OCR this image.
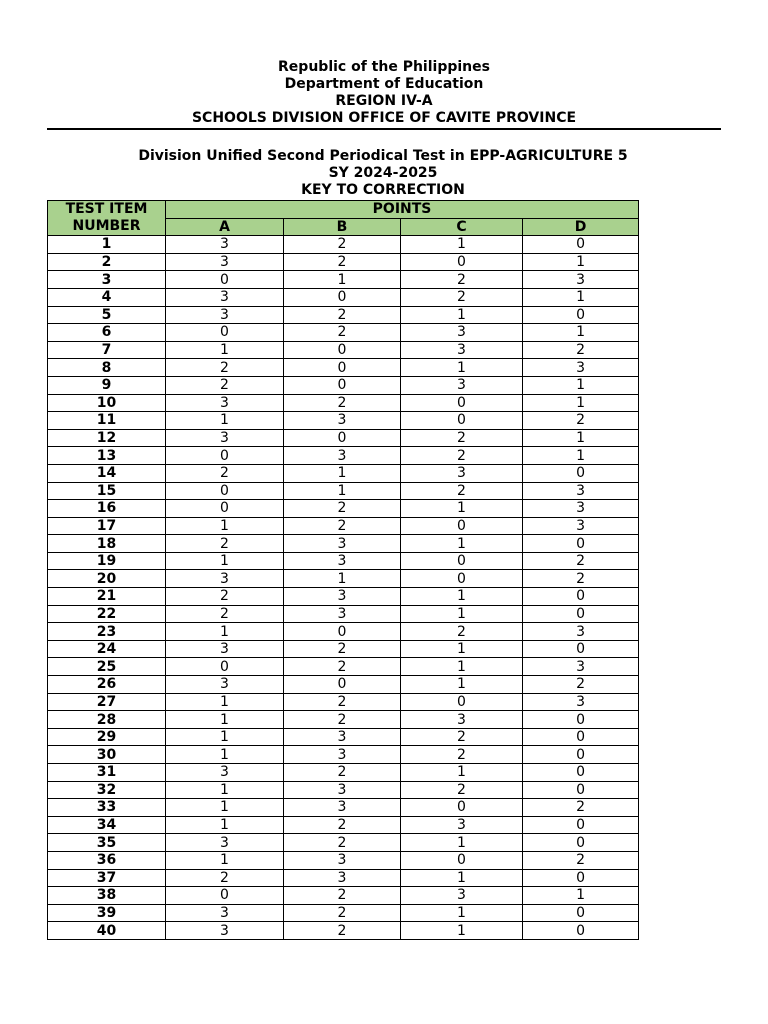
Republic of the Philippines
Department of Education
REGION IV-A
SCHOOLS DIVISION OFFICE OF CAVITE PROVINCE
Division Unified Second Periodical Test in EPP-AGRICULTURE 5
SY 2024-2025
KEY TO CORRECTION
TEST ITEM
NUMBER	POINTS			
	A	B	C	D
1	3	2	1	0
2	3	2	0	1
3	0	1	2	3
4	3	0	2	1
5	3	2	1	0
6	0	2	3	1
7	1	0	3	2
8	2	0	1	3
9	2	0	3	1
10	3	2	0	1
11	1	3	0	2
12	3	0	2	1
13	0	3	2	1
14	2	1	3	0
15	0	1	2	3
16	0	2	1	3
17	1	2	0	3
18	2	3	1	0
19	1	3	0	2
20	3	1	0	2
21	2	3	1	0
22	2	3	1	0
23	1	0	2	3
24	3	2	1	0
25	0	2	1	3
26	3	0	1	2
27	1	2	0	3
28	1	2	3	0
29	1	3	2	0
30	1	3	2	0
31	3	2	1	0
32	1	3	2	0
33	1	3	0	2
34	1	2	3	0
35	3	2	1	0
36	1	3	0	2
37	2	3	1	0
38	0	2	3	1
39	3	2	1	0
40	3	2	1	0
